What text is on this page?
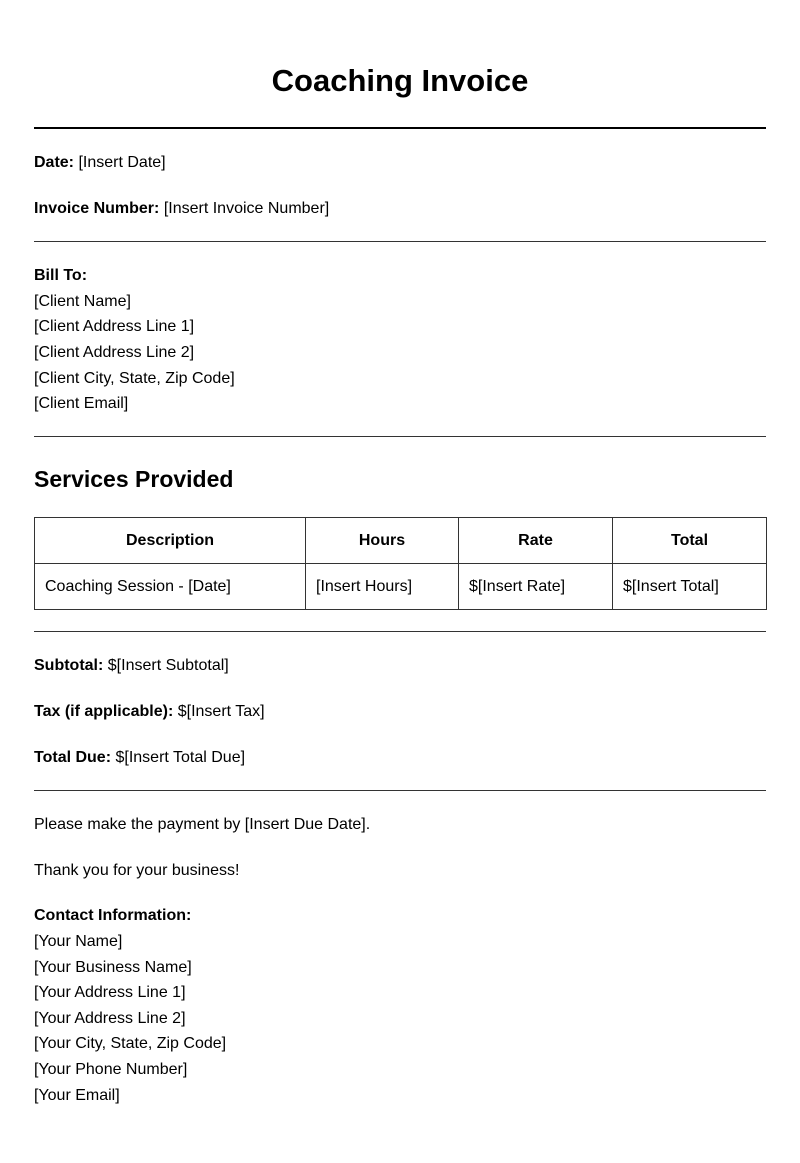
Coaching Invoice
Date: [Insert Date]
Invoice Number: [Insert Invoice Number]
Bill To:
[Client Name]
[Client Address Line 1]
[Client Address Line 2]
[Client City, State, Zip Code]
[Client Email]
Services Provided
Description	Hours	Rate	Total
Coaching Session - [Date]	[Insert Hours]	$[Insert Rate]	$[Insert Total]
Subtotal: $[Insert Subtotal]
Tax (if applicable): $[Insert Tax]
Total Due: $[Insert Total Due]
Please make the payment by [Insert Due Date].
Thank you for your business!
Contact Information:
[Your Name]
[Your Business Name]
[Your Address Line 1]
[Your Address Line 2]
[Your City, State, Zip Code]
[Your Phone Number]
[Your Email]
